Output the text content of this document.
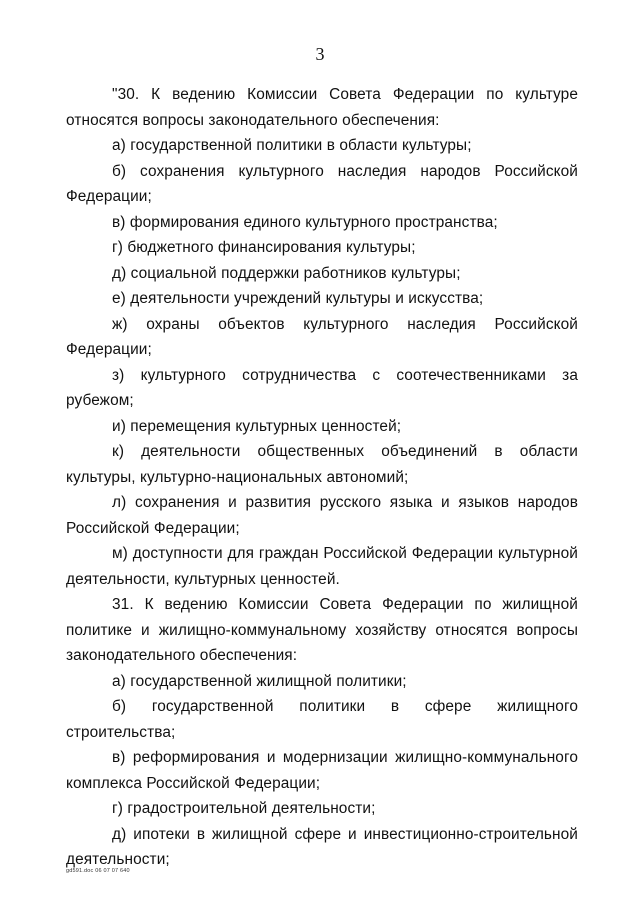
3

"30. К ведению Комиссии Совета Федерации по культуре относятся вопросы законодательного обеспечения:

а) государственной политики в области культуры;

б) сохранения культурного наследия народов Российской Федерации;

в) формирования единого культурного пространства;

г) бюджетного финансирования культуры;

д) социальной поддержки работников культуры;

е) деятельности учреждений культуры и искусства;

ж) охраны объектов культурного наследия Российской Федерации;

з) культурного сотрудничества с соотечественниками за рубежом;

и) перемещения культурных ценностей;

к) деятельности общественных объединений в области культуры, культурно-национальных автономий;

л) сохранения и развития русского языка и языков народов Российской Федерации;

м) доступности для граждан Российской Федерации культурной деятельности, культурных ценностей.

31. К ведению Комиссии Совета Федерации по жилищной политике и жилищно-коммунальному хозяйству относятся вопросы законодательного обеспечения:

а) государственной жилищной политики;

б) государственной политики в сфере жилищного строительства;

в) реформирования и модернизации жилищно-коммунального комплекса Российской Федерации;

г) градостроительной деятельности;

д) ипотеки в жилищной сфере и инвестиционно-строительной деятельности;

gd591.doc 06 07 07 640
